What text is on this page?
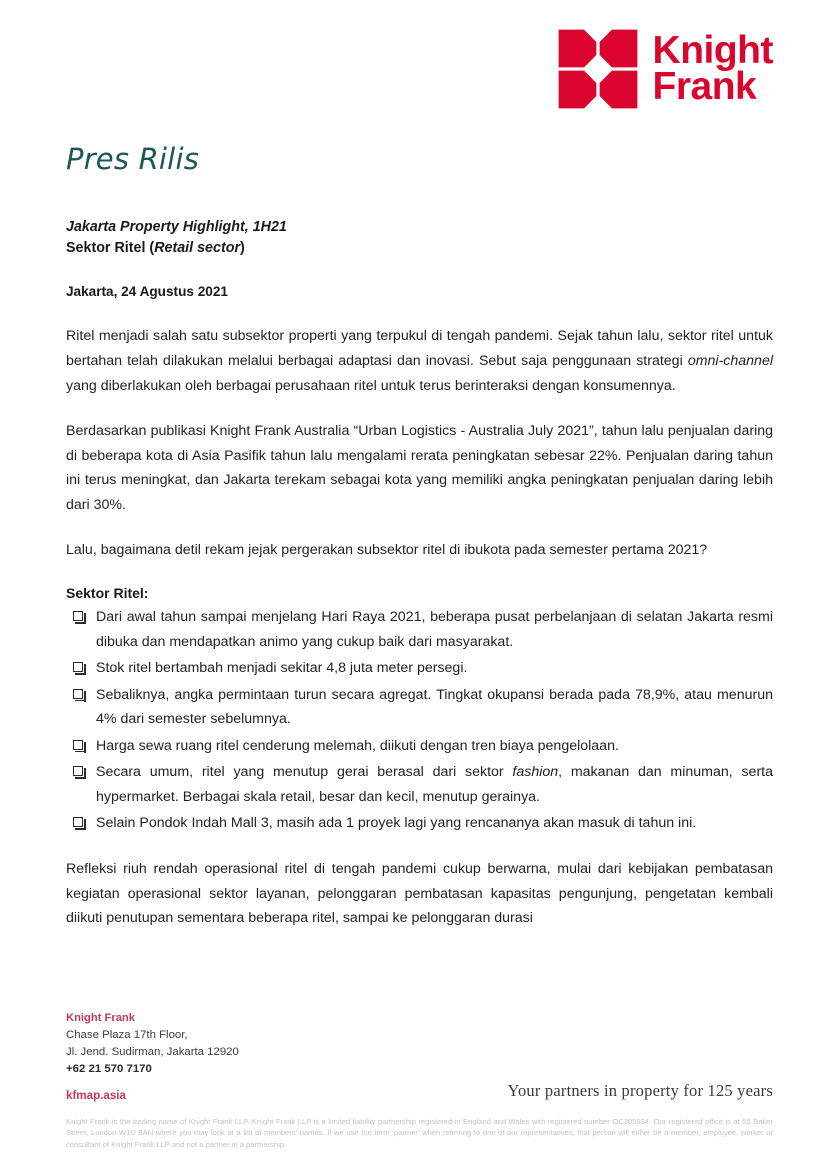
Knight
Frank
Pres Rilis
Jakarta Property Highlight, 1H21
Sektor Ritel (Retail sector)
Jakarta, 24 Agustus 2021

Ritel menjadi salah satu subsektor properti yang terpukul di tengah pandemi. Sejak tahun lalu, sektor ritel untuk bertahan telah dilakukan melalui berbagai adaptasi dan inovasi. Sebut saja penggunaan strategi omni-channel yang diberlakukan oleh berbagai perusahaan ritel untuk terus berinteraksi dengan konsumennya.

Berdasarkan publikasi Knight Frank Australia “Urban Logistics - Australia July 2021”, tahun lalu penjualan daring di beberapa kota di Asia Pasifik tahun lalu mengalami rerata peningkatan sebesar 22%. Penjualan daring tahun ini terus meningkat, dan Jakarta terekam sebagai kota yang memiliki angka peningkatan penjualan daring lebih dari 30%.

Lalu, bagaimana detil rekam jejak pergerakan subsektor ritel di ibukota pada semester pertama 2021?

Sektor Ritel:
Dari awal tahun sampai menjelang Hari Raya 2021, beberapa pusat perbelanjaan di selatan Jakarta resmi dibuka dan mendapatkan animo yang cukup baik dari masyarakat.
Stok ritel bertambah menjadi sekitar 4,8 juta meter persegi.
Sebaliknya, angka permintaan turun secara agregat. Tingkat okupansi berada pada 78,9%, atau menurun 4% dari semester sebelumnya.
Harga sewa ruang ritel cenderung melemah, diikuti dengan tren biaya pengelolaan.
Secara umum, ritel yang menutup gerai berasal dari sektor fashion, makanan dan minuman, serta hypermarket. Berbagai skala retail, besar dan kecil, menutup gerainya.
Selain Pondok Indah Mall 3, masih ada 1 proyek lagi yang rencananya akan masuk di tahun ini.

Refleksi riuh rendah operasional ritel di tengah pandemi cukup berwarna, mulai dari kebijakan pembatasan kegiatan operasional sektor layanan, pelonggaran pembatasan kapasitas pengunjung, pengetatan kembali diikuti penutupan sementara beberapa ritel, sampai ke pelonggaran durasi

Knight Frank
Chase Plaza 17th Floor,
Jl. Jend. Sudirman, Jakarta 12920
+62 21 570 7170
kfmap.asia	Your partners in property for 125 years
Knight Frank is the trading name of Knight Frank LLP. Knight Frank LLP is a limited liability partnership registered in England and Wales with registered number OC305934. Our registered office is at 55 Baker Street, London W1U 8AN where you may look at a list of members’ names. If we use the term ‘partner’ when referring to one of our representatives, that person will either be a member, employee, worker or consultant of Knight Frank LLP and not a partner in a partnership.
